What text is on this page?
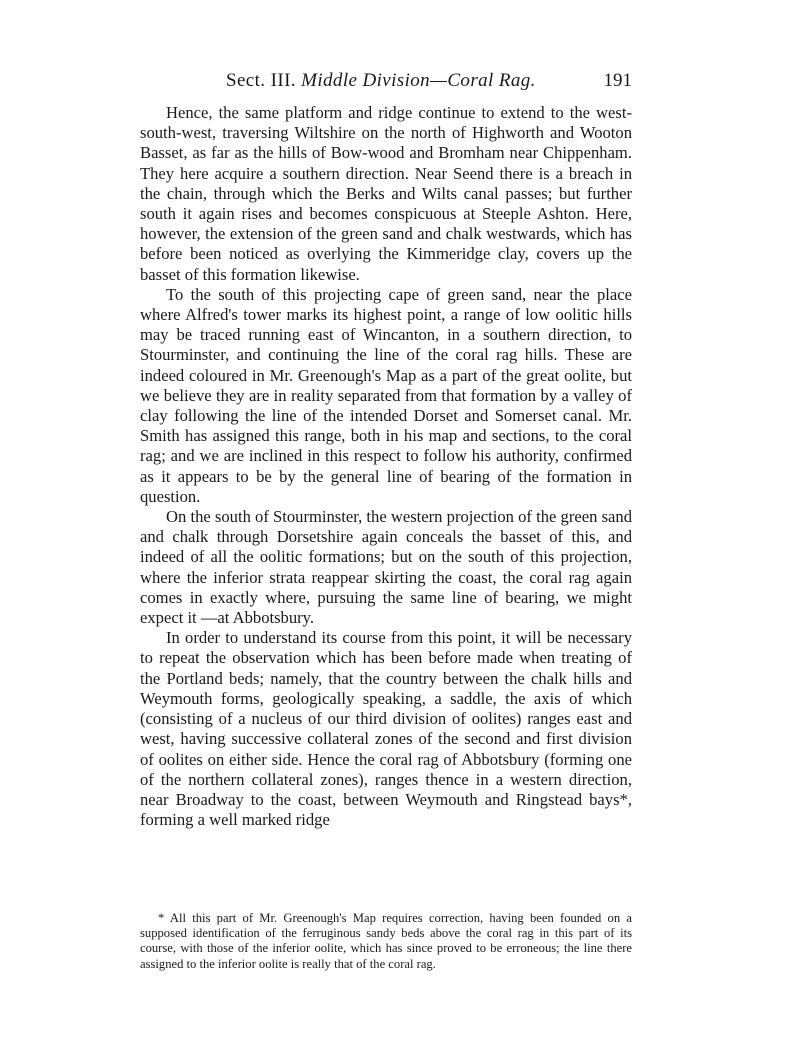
Sect. III. Middle Division—Coral Rag.	191

Hence, the same platform and ridge continue to extend to the west-south-west, traversing Wiltshire on the north of Highworth and Wooton Basset, as far as the hills of Bow-wood and Bromham near Chippenham. They here acquire a southern direction. Near Seend there is a breach in the chain, through which the Berks and Wilts canal passes; but further south it again rises and becomes conspicuous at Steeple Ashton. Here, however, the extension of the green sand and chalk westwards, which has before been noticed as overlying the Kimmeridge clay, covers up the basset of this formation likewise.

To the south of this projecting cape of green sand, near the place where Alfred's tower marks its highest point, a range of low oolitic hills may be traced running east of Wincanton, in a southern direction, to Stourminster, and continuing the line of the coral rag hills. These are indeed coloured in Mr. Greenough's Map as a part of the great oolite, but we believe they are in reality separated from that formation by a valley of clay following the line of the intended Dorset and Somerset canal. Mr. Smith has assigned this range, both in his map and sections, to the coral rag; and we are inclined in this respect to follow his authority, confirmed as it appears to be by the general line of bearing of the formation in question.

On the south of Stourminster, the western projection of the green sand and chalk through Dorsetshire again conceals the basset of this, and indeed of all the oolitic formations; but on the south of this projection, where the inferior strata reappear skirting the coast, the coral rag again comes in exactly where, pursuing the same line of bearing, we might expect it —at Abbotsbury.

In order to understand its course from this point, it will be necessary to repeat the observation which has been before made when treating of the Portland beds; namely, that the country between the chalk hills and Weymouth forms, geologically speaking, a saddle, the axis of which (consisting of a nucleus of our third division of oolites) ranges east and west, having successive collateral zones of the second and first division of oolites on either side. Hence the coral rag of Abbotsbury (forming one of the northern collateral zones), ranges thence in a western direction, near Broadway to the coast, between Weymouth and Ringstead bays*, forming a well marked ridge

* All this part of Mr. Greenough's Map requires correction, having been founded on a supposed identification of the ferruginous sandy beds above the coral rag in this part of its course, with those of the inferior oolite, which has since proved to be erroneous; the line there assigned to the inferior oolite is really that of the coral rag.
